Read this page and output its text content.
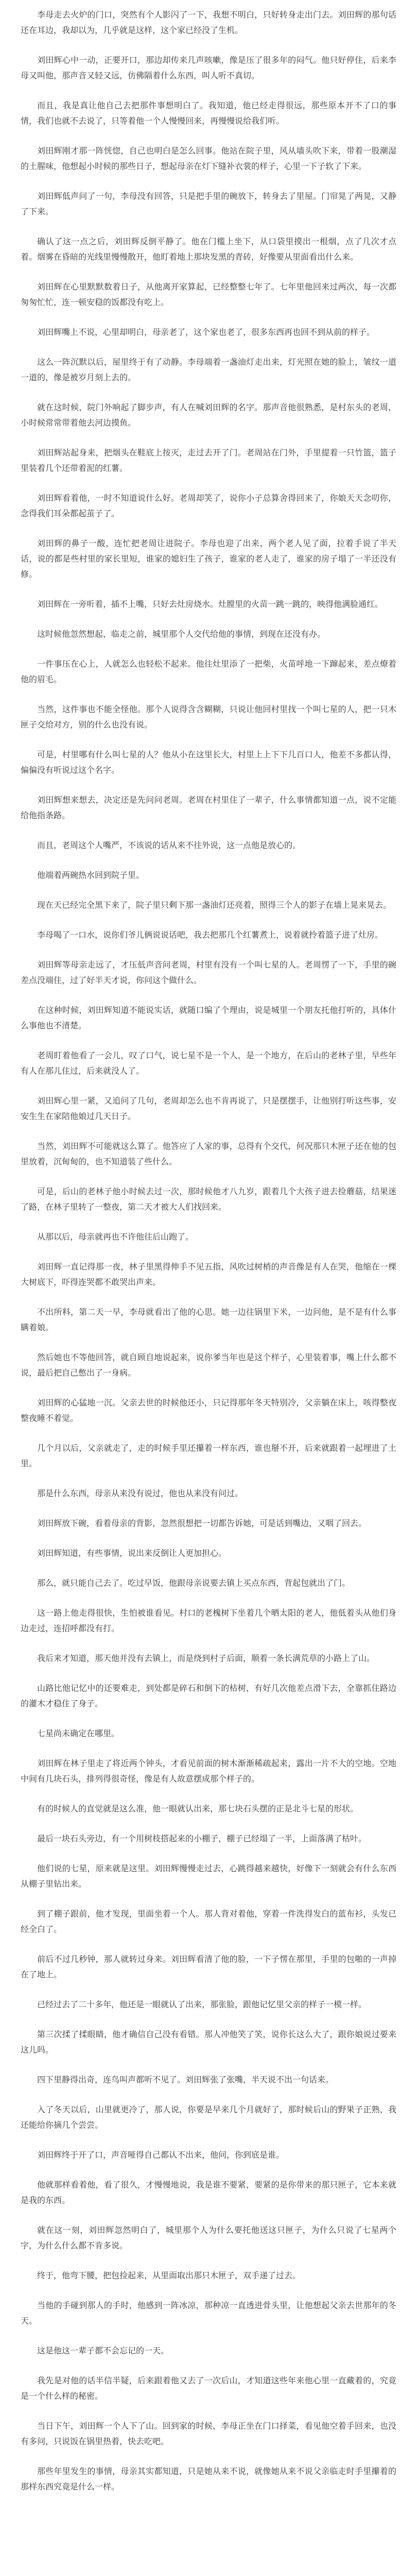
李母走去火炉的门口，突然有个人影闪了一下，我想不明白，只好转身走出门去。刘田辉的那句话还在耳边，我却以为，几乎就是这样，这个家已经没了生机。

刘田辉心中一动，正要开口，那边却传来几声咳嗽，像是压了很多年的闷气。他只好停住，后来李母又叫他，那声音又轻又远，仿佛隔着什么东西，叫人听不真切。

而且，我是真让他自己去把那件事想明白了。我知道，他已经走得很远，那些原本开不了口的事情，我们也就不去说了，只等着他一个人慢慢回来，再慢慢说给我们听。

刘田辉刚才那一阵恍惚，自己也明白是怎么回事。他站在院子里，风从墙头吹下来，带着一股潮湿的土腥味，他想起小时候的那些日子，想起母亲在灯下缝补衣裳的样子，心里一下子软了下来。

刘田辉低声问了一句，李母没有回答，只是把手里的碗放下，转身去了里屋。门帘晃了两晃，又静了下来。

确认了这一点之后，刘田辉反倒平静了。他在门槛上坐下，从口袋里摸出一根烟，点了几次才点着。烟雾在昏暗的光线里慢慢散开，他盯着地上那块发黑的青砖，好像要从里面看出什么来。

刘田辉在心里默默数着日子，从他离开家算起，已经整整七年了。七年里他回来过两次，每一次都匆匆忙忙，连一顿安稳的饭都没有吃上。

刘田辉嘴上不说，心里却明白，母亲老了，这个家也老了，很多东西再也回不到从前的样子。

这么一阵沉默以后，屋里终于有了动静。李母端着一盏油灯走出来，灯光照在她的脸上，皱纹一道一道的，像是被岁月刻上去的。

就在这时候，院门外响起了脚步声，有人在喊刘田辉的名字。那声音他很熟悉，是村东头的老周，小时候常常带着他去河边摸鱼。

刘田辉站起身来，把烟头在鞋底上按灭，走过去开了门。老周站在门外，手里提着一只竹篮，篮子里装着几个还带着泥的红薯。

刘田辉看着他，一时不知道说什么好。老周却笑了，说你小子总算舍得回来了，你娘天天念叨你，念得我们耳朵都起茧子了。

刘田辉的鼻子一酸，连忙把老周让进院子。李母也迎了出来，两个老人见了面，拉着手说了半天话，说的都是些村里的家长里短，谁家的媳妇生了孩子，谁家的老人走了，谁家的房子塌了一半还没有修。

刘田辉在一旁听着，插不上嘴，只好去灶房烧水。灶膛里的火苗一跳一跳的，映得他满脸通红。

这时候他忽然想起，临走之前，城里那个人交代给他的事情，到现在还没有办。

一件事压在心上，人就怎么也轻松不起来。他往灶里添了一把柴，火苗呼地一下蹿起来，差点燎着他的眉毛。

当然，这件事也不能全怪他。那个人说得含含糊糊，只说让他回村里找一个叫七星的人，把一只木匣子交给对方，别的什么也没有说。

可是，村里哪有什么叫七星的人？他从小在这里长大，村里上上下下几百口人，他差不多都认得，偏偏没有听说过这个名字。

刘田辉想来想去，决定还是先问问老周。老周在村里住了一辈子，什么事情都知道一点，说不定能给他指条路。

而且，老周这个人嘴严，不该说的话从来不往外说，这一点他是放心的。

他端着两碗热水回到院子里。

现在天已经完全黑下来了，院子里只剩下那一盏油灯还亮着，照得三个人的影子在墙上晃来晃去。

李母喝了一口水，说你们爷儿俩说说话吧，我去把那几个红薯煮上，说着就拎着篮子进了灶房。

刘田辉等母亲走远了，才压低声音问老周，村里有没有一个叫七星的人。老周愣了一下，手里的碗差点没端住，过了好半天才说，你问这个做什么。

在这种时候，刘田辉知道不能说实话，就随口编了个理由，说是城里一个朋友托他打听的，具体什么事他也不清楚。

老周盯着他看了一会儿，叹了口气，说七星不是一个人，是一个地方，在后山的老林子里，早些年有人在那儿住过，后来就没人了。

刘田辉心里一紧，又追问了几句，老周却怎么也不肯再说了，只是摆摆手，让他别打听这些事，安安生生在家陪他娘过几天日子。

当然，刘田辉不可能就这么算了。他答应了人家的事，总得有个交代，何况那只木匣子还在他的包里放着，沉甸甸的，也不知道装了些什么。

可是，后山的老林子他小时候去过一次，那时候他才八九岁，跟着几个大孩子进去捡蘑菇，结果迷了路，在林子里转了一整夜，第二天才被大人们找回来。

从那以后，母亲就再也不许他往后山跑了。

刘田辉一直记得那一夜，林子里黑得伸手不见五指，风吹过树梢的声音像是有人在哭，他缩在一棵大树底下，吓得连哭都不敢哭出声来。

不出所料，第二天一早，李母就看出了他的心思。她一边往锅里下米，一边问他，是不是有什么事瞒着娘。

然后她也不等他回答，就自顾自地说起来，说你爹当年也是这个样子，心里装着事，嘴上什么都不说，最后把自己憋出了一身病。

刘田辉的心猛地一沉。父亲去世的时候他还小，只记得那年冬天特别冷，父亲躺在床上，咳得整夜整夜睡不着觉。

几个月以后，父亲就走了，走的时候手里还攥着一样东西，谁也掰不开，后来就跟着一起埋进了土里。

那是什么东西，母亲从来没有说过，他也从来没有问过。

刘田辉放下碗，看着母亲的背影，忽然很想把一切都告诉她，可是话到嘴边，又咽了回去。

刘田辉知道，有些事情，说出来反倒让人更加担心。

那么，就只能自己去了。吃过早饭，他跟母亲说要去镇上买点东西，背起包就出了门。

这一路上他走得很快，生怕被谁看见。村口的老槐树下坐着几个晒太阳的老人，他低着头从他们身边走过，连招呼都没有打。

我后来才知道，那天他并没有去镇上，而是绕到村子后面，顺着一条长满荒草的小路上了山。

山路比他记忆中的还要难走，到处都是碎石和倒下的枯树，有好几次他差点滑下去，全靠抓住路边的灌木才稳住了身子。

七星尚未确定在哪里。

刘田辉在林子里走了将近两个钟头，才看见前面的树木渐渐稀疏起来，露出一片不大的空地。空地中间有几块石头，排列得很奇怪，像是有人故意摆成那个样子的。

有的时候人的直觉就是这么准，他一眼就认出来，那七块石头摆的正是北斗七星的形状。

最后一块石头旁边，有一个用树枝搭起来的小棚子，棚子已经塌了一半，上面落满了枯叶。

他们说的七星，原来就是这里。刘田辉慢慢走过去，心跳得越来越快，好像下一刻就会有什么东西从棚子里钻出来。

到了棚子跟前，他才发现，里面坐着一个人。那人背对着他，穿着一件洗得发白的蓝布衫，头发已经全白了。

前后不过几秒钟，那人就转过身来。刘田辉看清了他的脸，一下子愣在那里，手里的包啪的一声掉在了地上。

已经过去了二十多年，他还是一眼就认了出来，那张脸，跟他记忆里父亲的样子一模一样。

第三次揉了揉眼睛，他才确信自己没有看错。那人冲他笑了笑，说你长这么大了，跟你娘说过要来这儿吗。

四下里静得出奇，连鸟叫声都听不见了。刘田辉张了张嘴，半天说不出一句话来。

入了冬天以后，山里就更冷了，那人说，你要是早来几个月就好了，那时候后山的野果子正熟，我还能给你摘几个尝尝。

刘田辉终于开了口，声音哑得自己都认不出来，他问，你到底是谁。

他就那样看着他，看了很久，才慢慢地说，我是谁不要紧，要紧的是你带来的那只匣子，它本来就是我的东西。

就在这一刻，刘田辉忽然明白了，城里那个人为什么要托他送这只匣子，为什么只说了七星两个字，为什么什么都不肯多说。

终于，他弯下腰，把包捡起来，从里面取出那只木匣子，双手递了过去。

当他的手碰到那人的手时，他感到一阵冰凉，那种凉一直透进骨头里，让他想起父亲去世那年的冬天。

这是他这一辈子都不会忘记的一天。

我先是对他的话半信半疑，后来跟着他又去了一次后山，才知道这些年来他心里一直藏着的，究竟是一个什么样的秘密。

当日下午，刘田辉一个人下了山。回到家的时候，李母正坐在门口择菜，看见他空着手回来，也没有多问，只说饭在锅里热着，快去吃吧。

那些年里发生的事情，母亲其实都知道，只是她从来不说，就像她从来不说父亲临走时手里攥着的那样东西究竟是什么一样。
